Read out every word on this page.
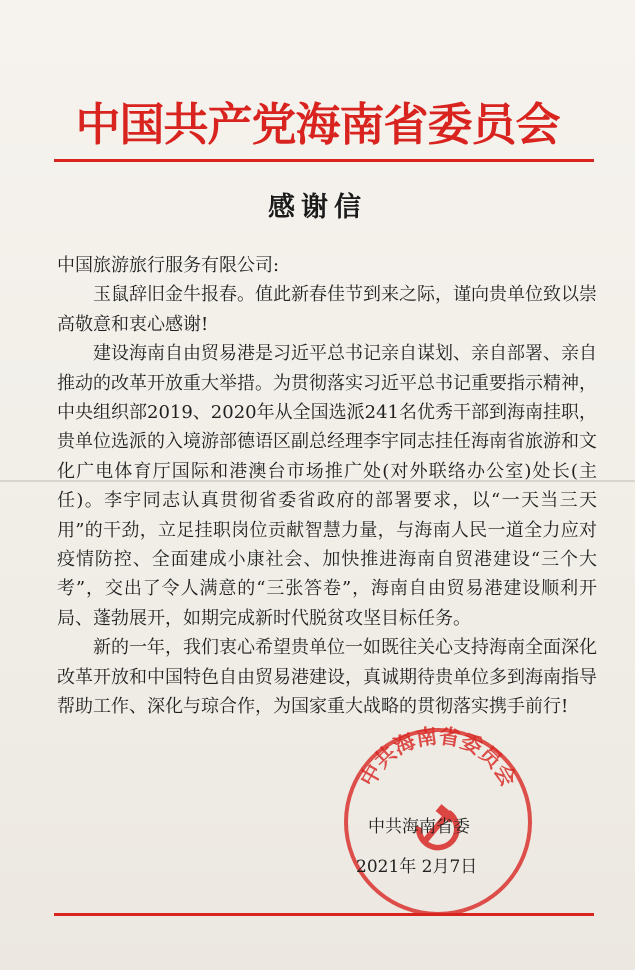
中国共产党海南省委员会
感谢信

中国旅游旅行服务有限公司:

玉鼠辞旧金牛报春。值此新春佳节到来之际，谨向贵单位致以崇高敬意和衷心感谢!

建设海南自由贸易港是习近平总书记亲自谋划、亲自部署、亲自推动的改革开放重大举措。为贯彻落实习近平总书记重要指示精神，中央组织部2019、2020年从全国选派241名优秀干部到海南挂职，贵单位选派的入境游部德语区副总经理李宇同志挂任海南省旅游和文化广电体育厅国际和港澳台市场推广处(对外联络办公室)处长(主任)。李宇同志认真贯彻省委省政府的部署要求，以“一天当三天用”的干劲，立足挂职岗位贡献智慧力量，与海南人民一道全力应对疫情防控、全面建成小康社会、加快推进海南自贸港建设“三个大考”，交出了令人满意的“三张答卷”，海南自由贸易港建设顺利开局、蓬勃展开，如期完成新时代脱贫攻坚目标任务。

新的一年，我们衷心希望贵单位一如既往关心支持海南全面深化改革开放和中国特色自由贸易港建设，真诚期待贵单位多到海南指导帮助工作、深化与琼合作，为国家重大战略的贯彻落实携手前行!

中共海南省委员会
中共海南省委
2021年 2月7日
